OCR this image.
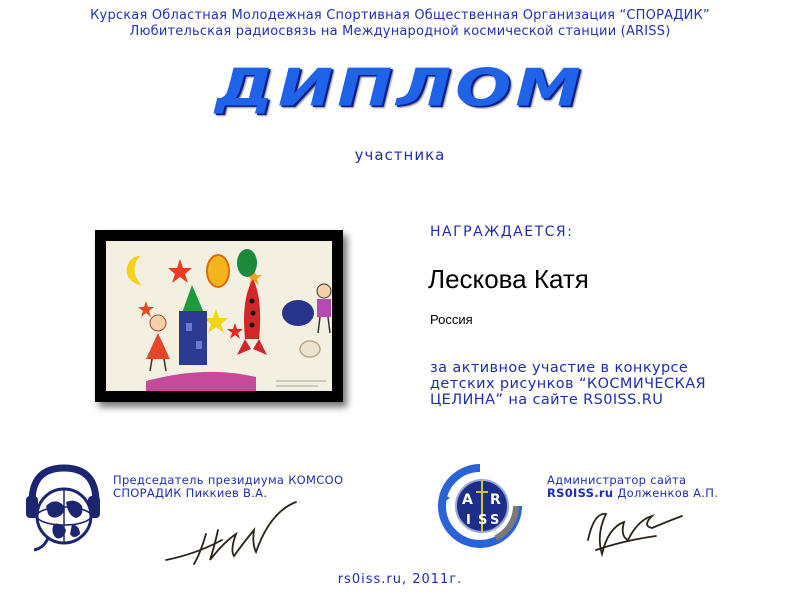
Курская Областная Молодежная Спортивная Общественная Организация “СПОРАДИК”
Любительская радиосвязь на Международной космической станции (ARISS)
ДИПЛОМ
участника
НАГРАЖДАЕТСЯ:
Лескова Катя
Россия
за активное участие в конкурсе
детских рисунков “КОСМИЧЕСКАЯ
ЦЕЛИНА” на сайте RS0ISS.RU
Председатель президиума КОМСОО
СПОРАДИК Пиккиев В.А.	A R
I S S
Администратор сайта
RS0ISS.ru Долженков А.П.
rs0iss.ru, 2011г.
